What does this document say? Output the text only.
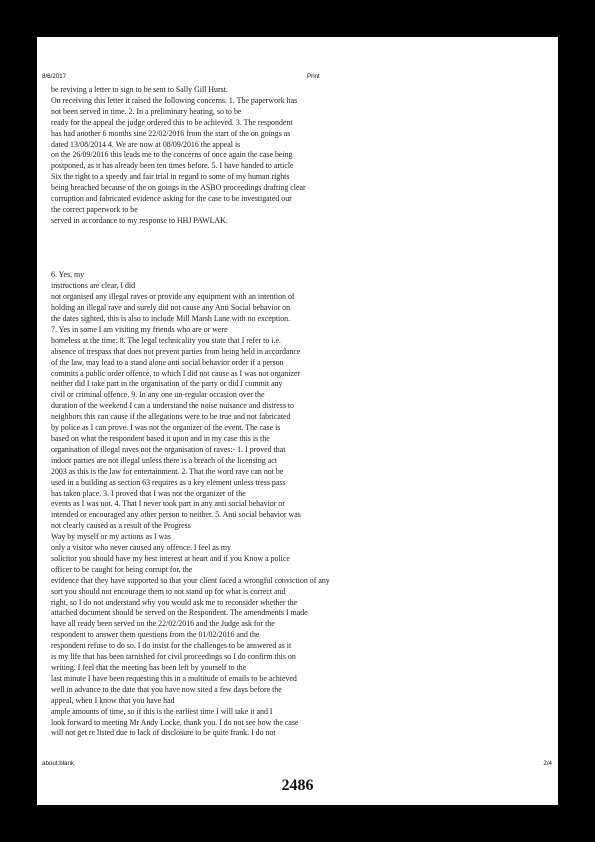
8/6/2017	Print

be reviving a letter to sign to be sent to Sally Gill Hurst.
On receiving this letter it raised the following concerns. 1. The paperwork has
not been served in time. 2. In a preliminary hearing, so to be
ready for the appeal the judge ordered this to be achieved. 3. The respondent
has had another 6 months sine 22/02/2016 from the start of the on goings as
dated 13/08/2014 4. We are now at 08/09/2016 the appeal is
on the 26/09/2016 this leads me to the concerns of once again the case being
postponed, as it has already been ten times before. 5. I have handed to article
Six the right to a speedy and fair trial in regard to some of my human rights
being breached because of the on goings in the ASBO proceedings drafting clear
corruption and fabricated evidence asking for the case to be investigated our
the correct paperwork to be
served in accordance to my response to HHJ PAWLAK.
6. Yes, my
instructions are clear, I did
not organised any illegal raves or provide any equipment with an intention of
holding an illegal rave and surely did not cause any Anti Social behavior on
the dates sighted, this is also to include Mill Marsh Lane with no exception.
7. Yes in some I am visiting my friends who are or were
homeless at the time. 8. The legal technicality you state that I refer to i.e.
absence of trespass that does not prevent parties from being held in accordance
of the law, may lead to a stand alone anti social behavior order if a person
commits a public order offence, to which I did not cause as I was not organizer
neither did I take part in the organisation of the party or did I commit any
civil or criminal offence. 9. In any one un-regular occasion over the
duration of the weekend I can a understand the noise nuisance and distress to
neighbors this can cause if the allegations were to be true and not fabricated
by police as I can prove. I was not the organizer of the event. The case is
based on what the respondent based it upon and in my case this is the
organisation of illegal raves not the organisation of raves:- 1. I proved that
indoor parties are not illegal unless there is a breach of the licensing act
2003 as this is the law for entertainment. 2. That the word rave can not be
used in a building as section 63 requires as a key element unless tress pass
has taken place. 3. I proved that I was not the organizer of the
events as I was not. 4. That I never took part in any anti social behavior or
intended or encouraged any other person to neither. 5. Anti social behavior was
not clearly caused as a result of the Progress
Way by myself or my actions as I was
only a visitor who never caused any offence. I feel as my
solicitor you should have my best interest at heart and if you Know a police
officer to be caught for being corrupt for, the
evidence that they have supported so that your client faced a wrongful conviction of any
sort you should not encourage them to not stand up for what is correct and
right, so I do not understand why you would ask me to reconsider whether the
attached document should be served on the Respondent. The amendments I made
have all ready been served on the 22/02/2016 and the Judge ask for the
respondent to answer them questions from the 01/02/2016 and the
respondent refuse to do so. I do insist for the challenges to be answered as it
is my life that has been tarnished for civil proceedings so I do confirm this on
writing. I feel that the meeting has been left by yourself to the
last minute I have been requesting this in a multitude of emails to be achieved
well in advance to the date that you have now sited a few days before the
appeal, when I know that you have had
ample amounts of time, so if this is the earliest time I will take it and I
look forward to meeting Mr Andy Locke, thank you. I do not see how the case
will not get re listed due to lack of disclosure to be quite frank. I do not

about:blank	2/4

2486
